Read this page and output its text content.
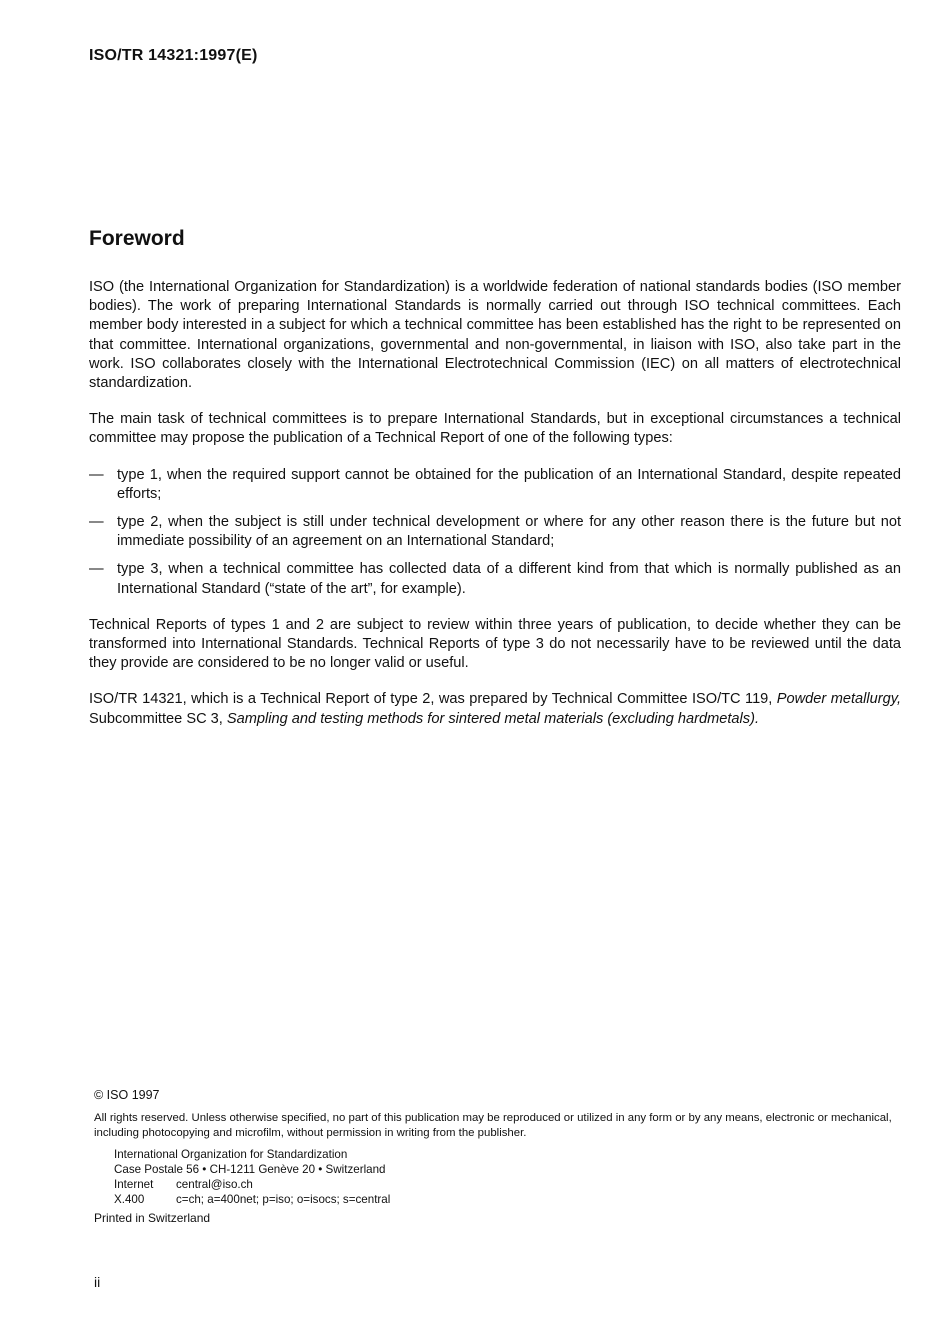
ISO/TR 14321:1997(E)
Foreword

ISO (the International Organization for Standardization) is a worldwide federation of national standards bodies (ISO member bodies). The work of preparing International Standards is normally carried out through ISO technical committees. Each member body interested in a subject for which a technical committee has been established has the right to be represented on that committee. International organizations, governmental and non-governmental, in liaison with ISO, also take part in the work. ISO collaborates closely with the International Electrotechnical Commission (IEC) on all matters of electrotechnical standardization.

The main task of technical committees is to prepare International Standards, but in exceptional circumstances a technical committee may propose the publication of a Technical Report of one of the following types:

— type 1, when the required support cannot be obtained for the publication of an International Standard, despite repeated efforts;
— type 2, when the subject is still under technical development or where for any other reason there is the future but not immediate possibility of an agreement on an International Standard;
— type 3, when a technical committee has collected data of a different kind from that which is normally published as an International Standard (“state of the art”, for example).

Technical Reports of types 1 and 2 are subject to review within three years of publication, to decide whether they can be transformed into International Standards. Technical Reports of type 3 do not necessarily have to be reviewed until the data they provide are considered to be no longer valid or useful.

ISO/TR 14321, which is a Technical Report of type 2, was prepared by Technical Committee ISO/TC 119, Powder metallurgy, Subcommittee SC 3, Sampling and testing methods for sintered metal materials (excluding hardmetals).

© ISO 1997
All rights reserved. Unless otherwise specified, no part of this publication may be reproduced or utilized in any form or by any means, electronic or mechanical, including photocopying and microfilm, without permission in writing from the publisher.
International Organization for Standardization
Case Postale 56 • CH-1211 Genève 20 • Switzerland
Internet	central@iso.ch
X.400	c=ch; a=400net; p=iso; o=isocs; s=central
Printed in Switzerland
ii
